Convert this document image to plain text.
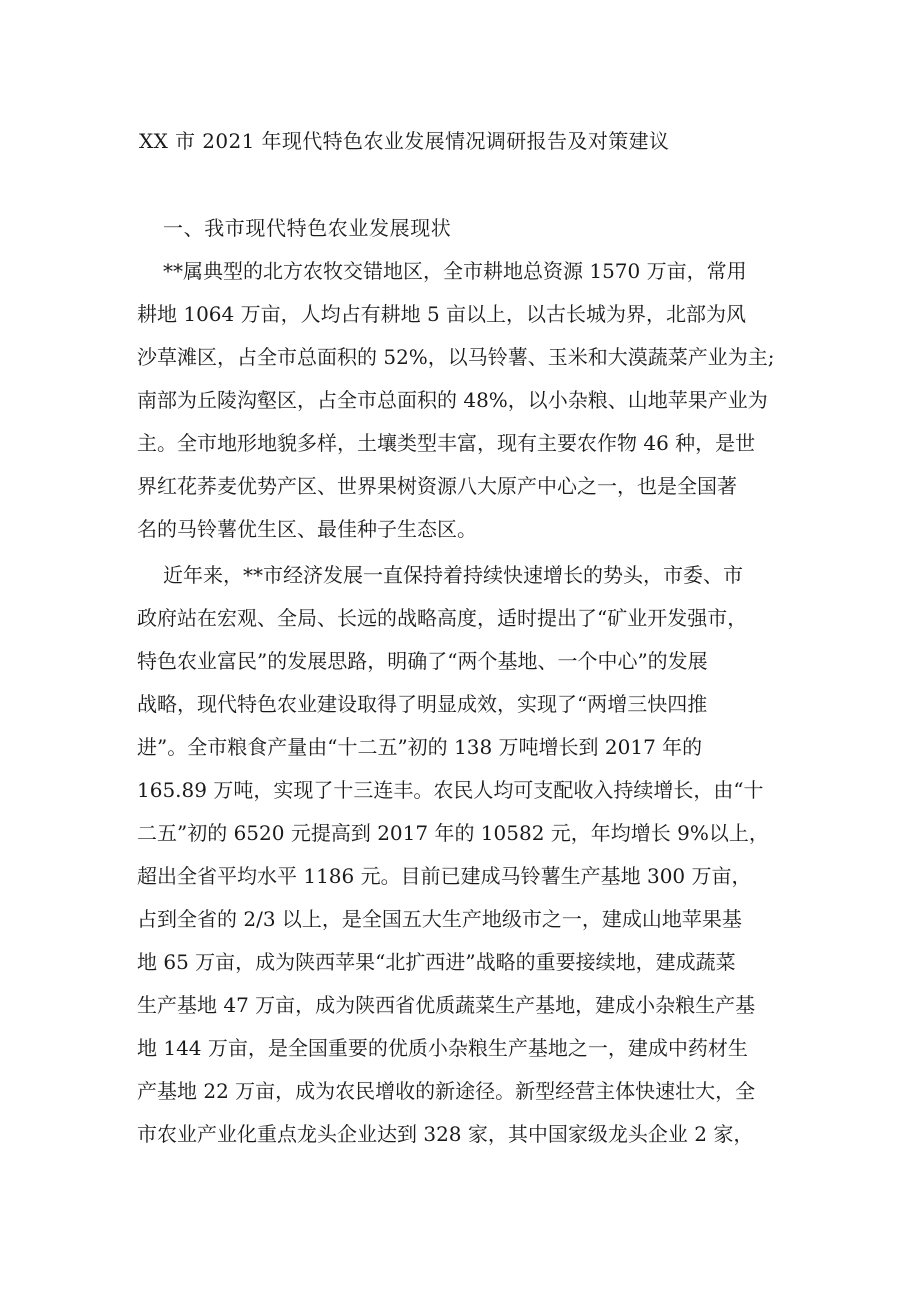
XX 市 2021 年现代特色农业发展情况调研报告及对策建议
一、我市现代特色农业发展现状
**属典型的北方农牧交错地区，全市耕地总资源 1570 万亩，常用
耕地 1064 万亩，人均占有耕地 5 亩以上，以古长城为界，北部为风
沙草滩区，占全市总面积的 52%，以马铃薯、玉米和大漠蔬菜产业为主;
南部为丘陵沟壑区，占全市总面积的 48%，以小杂粮、山地苹果产业为
主。全市地形地貌多样，土壤类型丰富，现有主要农作物 46 种，是世
界红花荞麦优势产区、世界果树资源八大原产中心之一，也是全国著
名的马铃薯优生区、最佳种子生态区。
近年来，**市经济发展一直保持着持续快速增长的势头，市委、市
政府站在宏观、全局、长远的战略高度，适时提出了“矿业开发强市，
特色农业富民”的发展思路，明确了“两个基地、一个中心”的发展
战略，现代特色农业建设取得了明显成效，实现了“两增三快四推
进”。全市粮食产量由“十二五”初的 138 万吨增长到 2017 年的
165.89 万吨，实现了十三连丰。农民人均可支配收入持续增长，由“十
二五”初的 6520 元提高到 2017 年的 10582 元，年均增长 9%以上，
超出全省平均水平 1186 元。目前已建成马铃薯生产基地 300 万亩，
占到全省的 2/3 以上，是全国五大生产地级市之一，建成山地苹果基
地 65 万亩，成为陕西苹果“北扩西进”战略的重要接续地，建成蔬菜
生产基地 47 万亩，成为陕西省优质蔬菜生产基地，建成小杂粮生产基
地 144 万亩，是全国重要的优质小杂粮生产基地之一，建成中药材生
产基地 22 万亩，成为农民增收的新途径。新型经营主体快速壮大，全
市农业产业化重点龙头企业达到 328 家，其中国家级龙头企业 2 家，
